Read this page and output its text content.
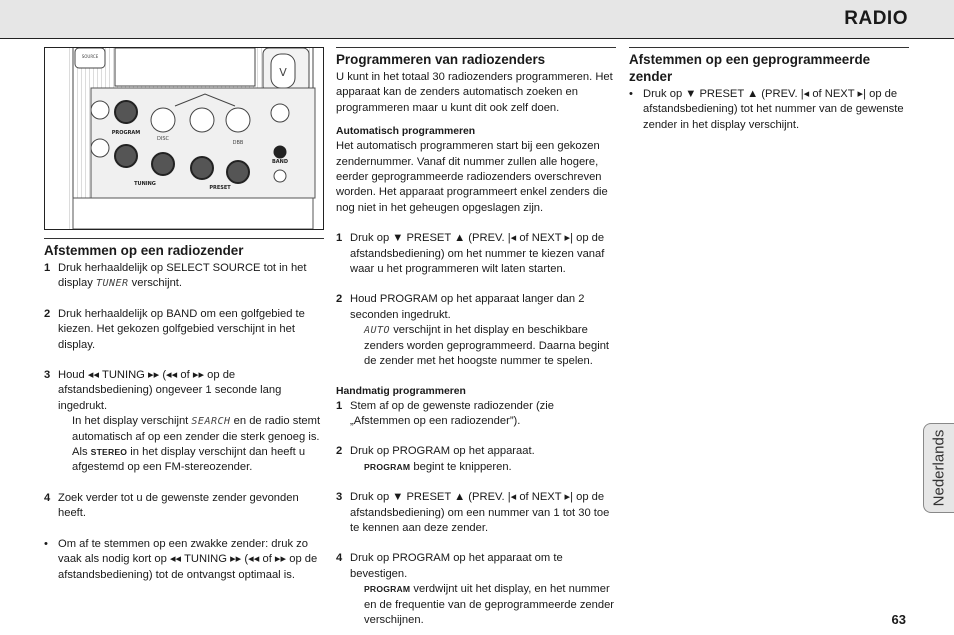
RADIO
V
PROGRAM
DISC
DBB
TUNING
PRESET
BAND
SOURCE
Afstemmen op een radiozender
1 Druk herhaaldelijk op SELECT SOURCE tot in het display TUNER verschijnt.
2 Druk herhaaldelijk op BAND om een golfgebied te kiezen. Het gekozen golfgebied verschijnt in het display.
3 Houd ◂◂ TUNING ▸▸ (◂◂ of ▸▸ op de afstandsbediening) ongeveer 1 seconde lang ingedrukt.
In het display verschijnt SEARCH en de radio stemt automatisch af op een zender die sterk genoeg is. Als STEREO in het display verschijnt dan heeft u afgestemd op een FM-stereozender.
4 Zoek verder tot u de gewenste zender gevonden heeft.
• Om af te stemmen op een zwakke zender: druk zo vaak als nodig kort op ◂◂ TUNING ▸▸ (◂◂ of ▸▸ op de afstandsbediening) tot de ontvangst optimaal is.
Programmeren van radiozenders

U kunt in het totaal 30 radiozenders programmeren. Het apparaat kan de zenders automatisch zoeken en programmeren maar u kunt dit ook zelf doen.

Automatisch programmeren

Het automatisch programmeren start bij een gekozen zendernummer. Vanaf dit nummer zullen alle hogere, eerder geprogrammeerde radiozenders overschreven worden. Het apparaat programmeert enkel zenders die nog niet in het geheugen opgeslagen zijn.

1 Druk op ▼ PRESET ▲ (PREV. |◂ of NEXT ▸| op de afstandsbediening) om het nummer te kiezen vanaf waar u het programmeren wilt laten starten.
2 Houd PROGRAM op het apparaat langer dan 2 seconden ingedrukt.
AUTO verschijnt in het display en beschikbare zenders worden geprogrammeerd. Daarna begint de zender met het hoogste nummer te spelen.
Handmatig programmeren
1 Stem af op de gewenste radiozender (zie „Afstemmen op een radiozender”).
2 Druk op PROGRAM op het apparaat.
PROGRAM begint te knipperen.
3 Druk op ▼ PRESET ▲ (PREV. |◂ of NEXT ▸| op de afstandsbediening) om een nummer van 1 tot 30 toe te kennen aan deze zender.
4 Druk op PROGRAM op het apparaat om te bevestigen.
PROGRAM verdwijnt uit het display, en het nummer en de frequentie van de geprogrammeerde zender verschijnen.
Afstemmen op een geprogrammeerde zender
• Druk op ▼ PRESET ▲ (PREV. |◂ of NEXT ▸| op de afstandsbediening) tot het nummer van de gewenste zender in het display verschijnt.
Nederlands
63
